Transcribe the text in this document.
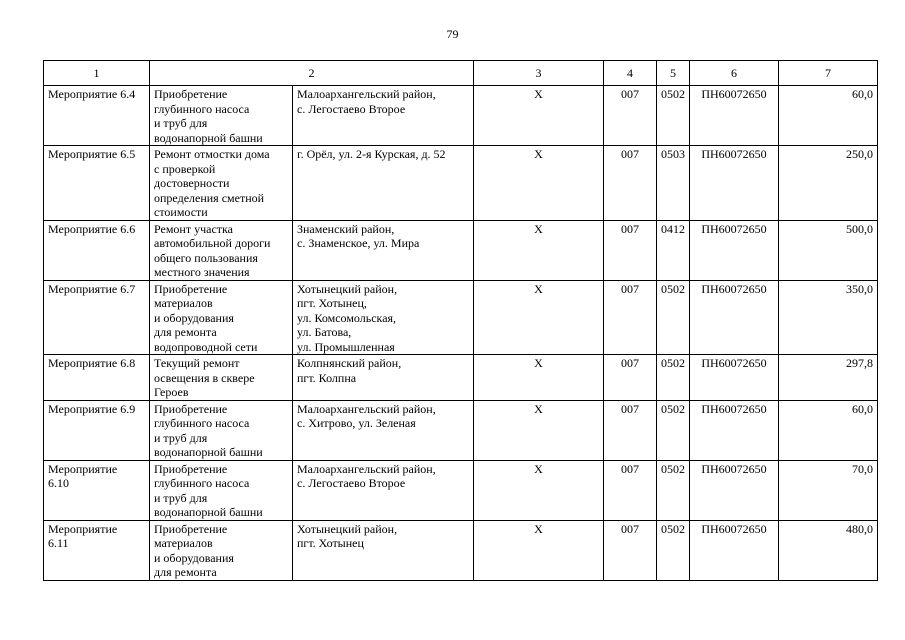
79
1	2		3	4	5	6	7
Мероприятие 6.4	Приобретение
глубинного насоса
и труб для
водонапорной башни	Малоархангельский район,
с. Легостаево Второе	Х	007	0502	ПН60072650	60,0
Мероприятие 6.5	Ремонт отмостки дома
с проверкой
достоверности
определения сметной
стоимости	г. Орёл, ул. 2-я Курская, д. 52	Х	007	0503	ПН60072650	250,0
Мероприятие 6.6	Ремонт участка
автомобильной дороги
общего пользования
местного значения	Знаменский район,
с. Знаменское, ул. Мира	Х	007	0412	ПН60072650	500,0
Мероприятие 6.7	Приобретение
материалов
и оборудования
для ремонта
водопроводной сети	Хотынецкий район,
пгт. Хотынец,
ул. Комсомольская,
ул. Батова,
ул. Промышленная	Х	007	0502	ПН60072650	350,0
Мероприятие 6.8	Текущий ремонт
освещения в сквере
Героев	Колпнянский район,
пгт. Колпна	Х	007	0502	ПН60072650	297,8
Мероприятие 6.9	Приобретение
глубинного насоса
и труб для
водонапорной башни	Малоархангельский район,
с. Хитрово, ул. Зеленая	Х	007	0502	ПН60072650	60,0
Мероприятие
6.10	Приобретение
глубинного насоса
и труб для
водонапорной башни	Малоархангельский район,
с. Легостаево Второе	Х	007	0502	ПН60072650	70,0
Мероприятие
6.11	Приобретение
материалов
и оборудования
для ремонта	Хотынецкий район,
пгт. Хотынец	Х	007	0502	ПН60072650	480,0
